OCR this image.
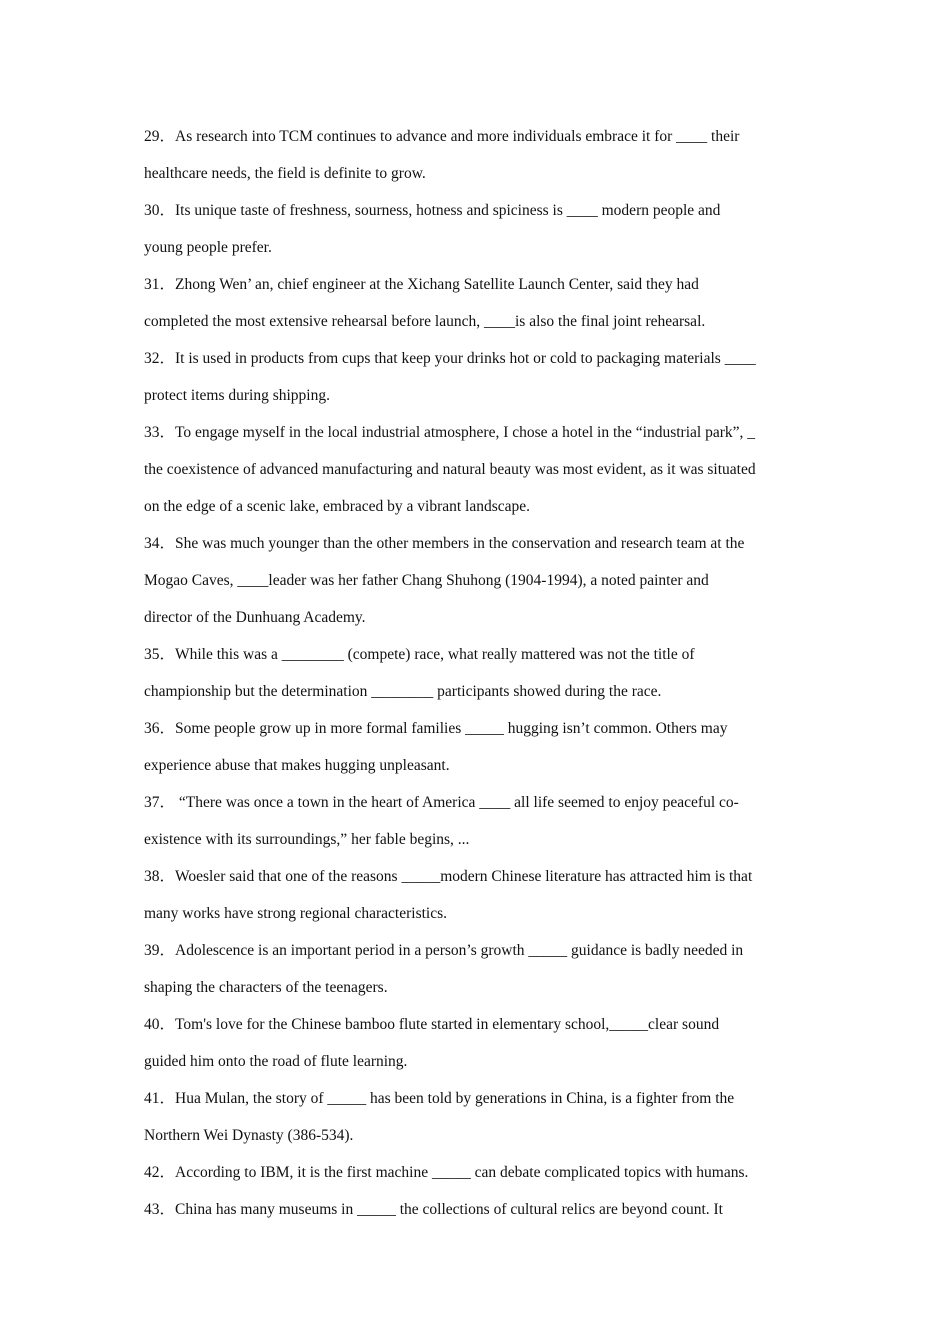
29．As research into TCM continues to advance and more individuals embrace it for ____ their
healthcare needs, the field is definite to grow.
30．Its unique taste of freshness, sourness, hotness and spiciness is ____ modern people and
young people prefer.
31．Zhong Wen’ an, chief engineer at the Xichang Satellite Launch Center, said they had
completed the most extensive rehearsal before launch, ____is also the final joint rehearsal.
32．It is used in products from cups that keep your drinks hot or cold to packaging materials ____
protect items during shipping.
33．To engage myself in the local industrial atmosphere, I chose a hotel in the “industrial park”, _
the coexistence of advanced manufacturing and natural beauty was most evident, as it was situated
on the edge of a scenic lake, embraced by a vibrant landscape.
34．She was much younger than the other members in the conservation and research team at the
Mogao Caves, ____leader was her father Chang Shuhong (1904-1994), a noted painter and
director of the Dunhuang Academy.
35．While this was a ________ (compete) race, what really mattered was not the title of
championship but the determination ________ participants showed during the race.
36．Some people grow up in more formal families _____ hugging isn’t common. Others may
experience abuse that makes hugging unpleasant.
37． “There was once a town in the heart of America ____ all life seemed to enjoy peaceful co-
existence with its surroundings,” her fable begins, ...
38．Woesler said that one of the reasons _____modern Chinese literature has attracted him is that
many works have strong regional characteristics.
39．Adolescence is an important period in a person’s growth _____ guidance is badly needed in
shaping the characters of the teenagers.
40．Tom's love for the Chinese bamboo flute started in elementary school,_____clear sound
guided him onto the road of flute learning.
41．Hua Mulan, the story of _____ has been told by generations in China, is a fighter from the
Northern Wei Dynasty (386-534).
42．According to IBM, it is the first machine _____ can debate complicated topics with humans.
43．China has many museums in _____ the collections of cultural relics are beyond count. It
